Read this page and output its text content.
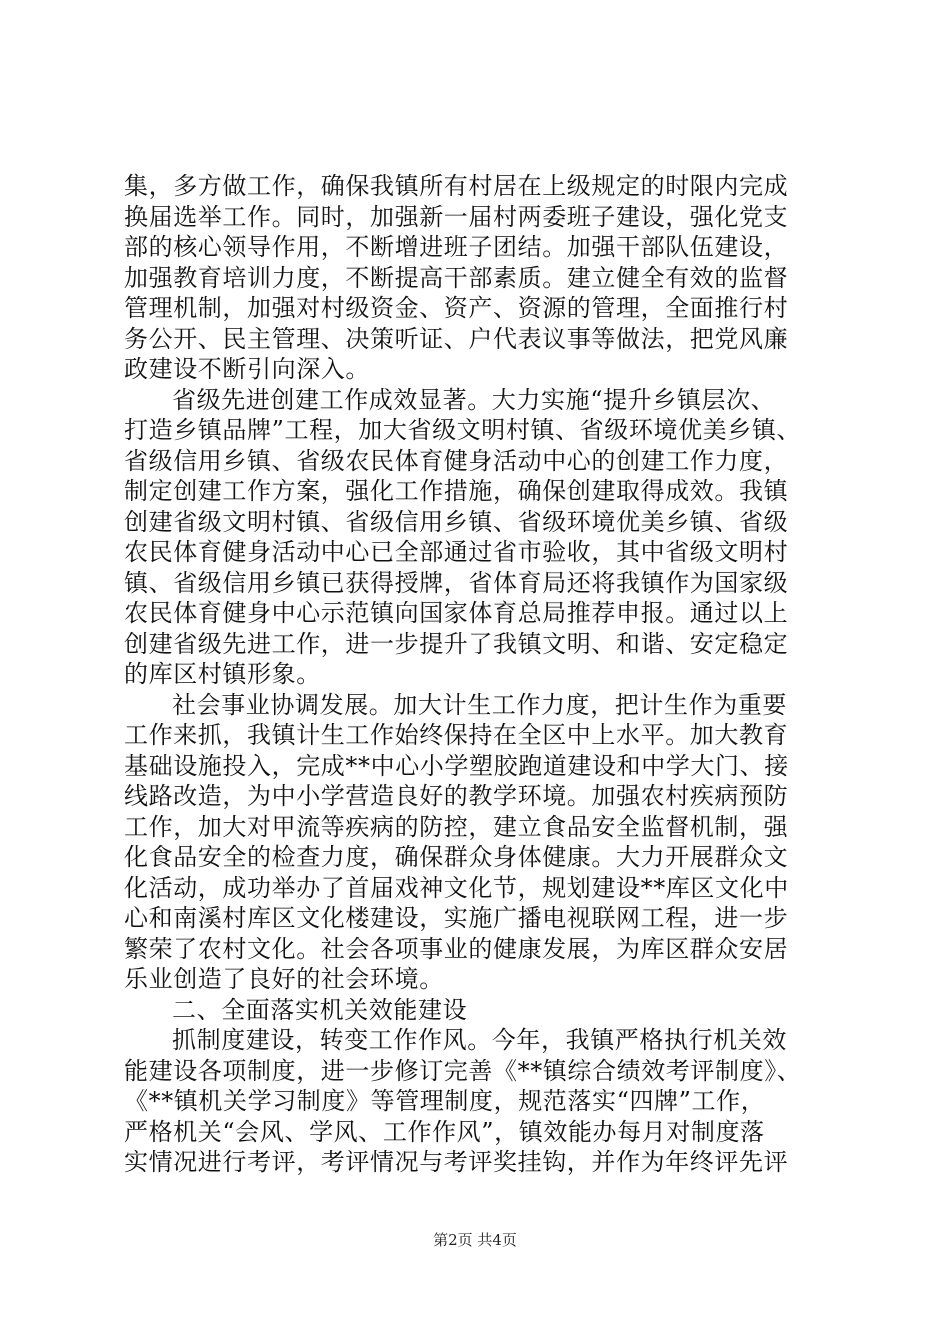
集，多方做工作，确保我镇所有村居在上级规定的时限内完成
换届选举工作。同时，加强新一届村两委班子建设，强化党支
部的核心领导作用，不断增进班子团结。加强干部队伍建设，
加强教育培训力度，不断提高干部素质。建立健全有效的监督
管理机制，加强对村级资金、资产、资源的管理，全面推行村
务公开、民主管理、决策听证、户代表议事等做法，把党风廉
政建设不断引向深入。
省级先进创建工作成效显著。大力实施“提升乡镇层次、
打造乡镇品牌”工程，加大省级文明村镇、省级环境优美乡镇、
省级信用乡镇、省级农民体育健身活动中心的创建工作力度，
制定创建工作方案，强化工作措施，确保创建取得成效。我镇
创建省级文明村镇、省级信用乡镇、省级环境优美乡镇、省级
农民体育健身活动中心已全部通过省市验收，其中省级文明村
镇、省级信用乡镇已获得授牌，省体育局还将我镇作为国家级
农民体育健身中心示范镇向国家体育总局推荐申报。通过以上
创建省级先进工作，进一步提升了我镇文明、和谐、安定稳定
的库区村镇形象。
社会事业协调发展。加大计生工作力度，把计生作为重要
工作来抓，我镇计生工作始终保持在全区中上水平。加大教育
基础设施投入，完成**中心小学塑胶跑道建设和中学大门、接
线路改造，为中小学营造良好的教学环境。加强农村疾病预防
工作，加大对甲流等疾病的防控，建立食品安全监督机制，强
化食品安全的检查力度，确保群众身体健康。大力开展群众文
化活动，成功举办了首届戏神文化节，规划建设**库区文化中
心和南溪村库区文化楼建设，实施广播电视联网工程，进一步
繁荣了农村文化。社会各项事业的健康发展，为库区群众安居
乐业创造了良好的社会环境。
二、全面落实机关效能建设
抓制度建设，转变工作作风。今年，我镇严格执行机关效
能建设各项制度，进一步修订完善《**镇综合绩效考评制度》、
《**镇机关学习制度》等管理制度，规范落实“四牌”工作，
严格机关“会风、学风、工作作风”，镇效能办每月对制度落
实情况进行考评，考评情况与考评奖挂钩，并作为年终评先评
第2页 共4页
